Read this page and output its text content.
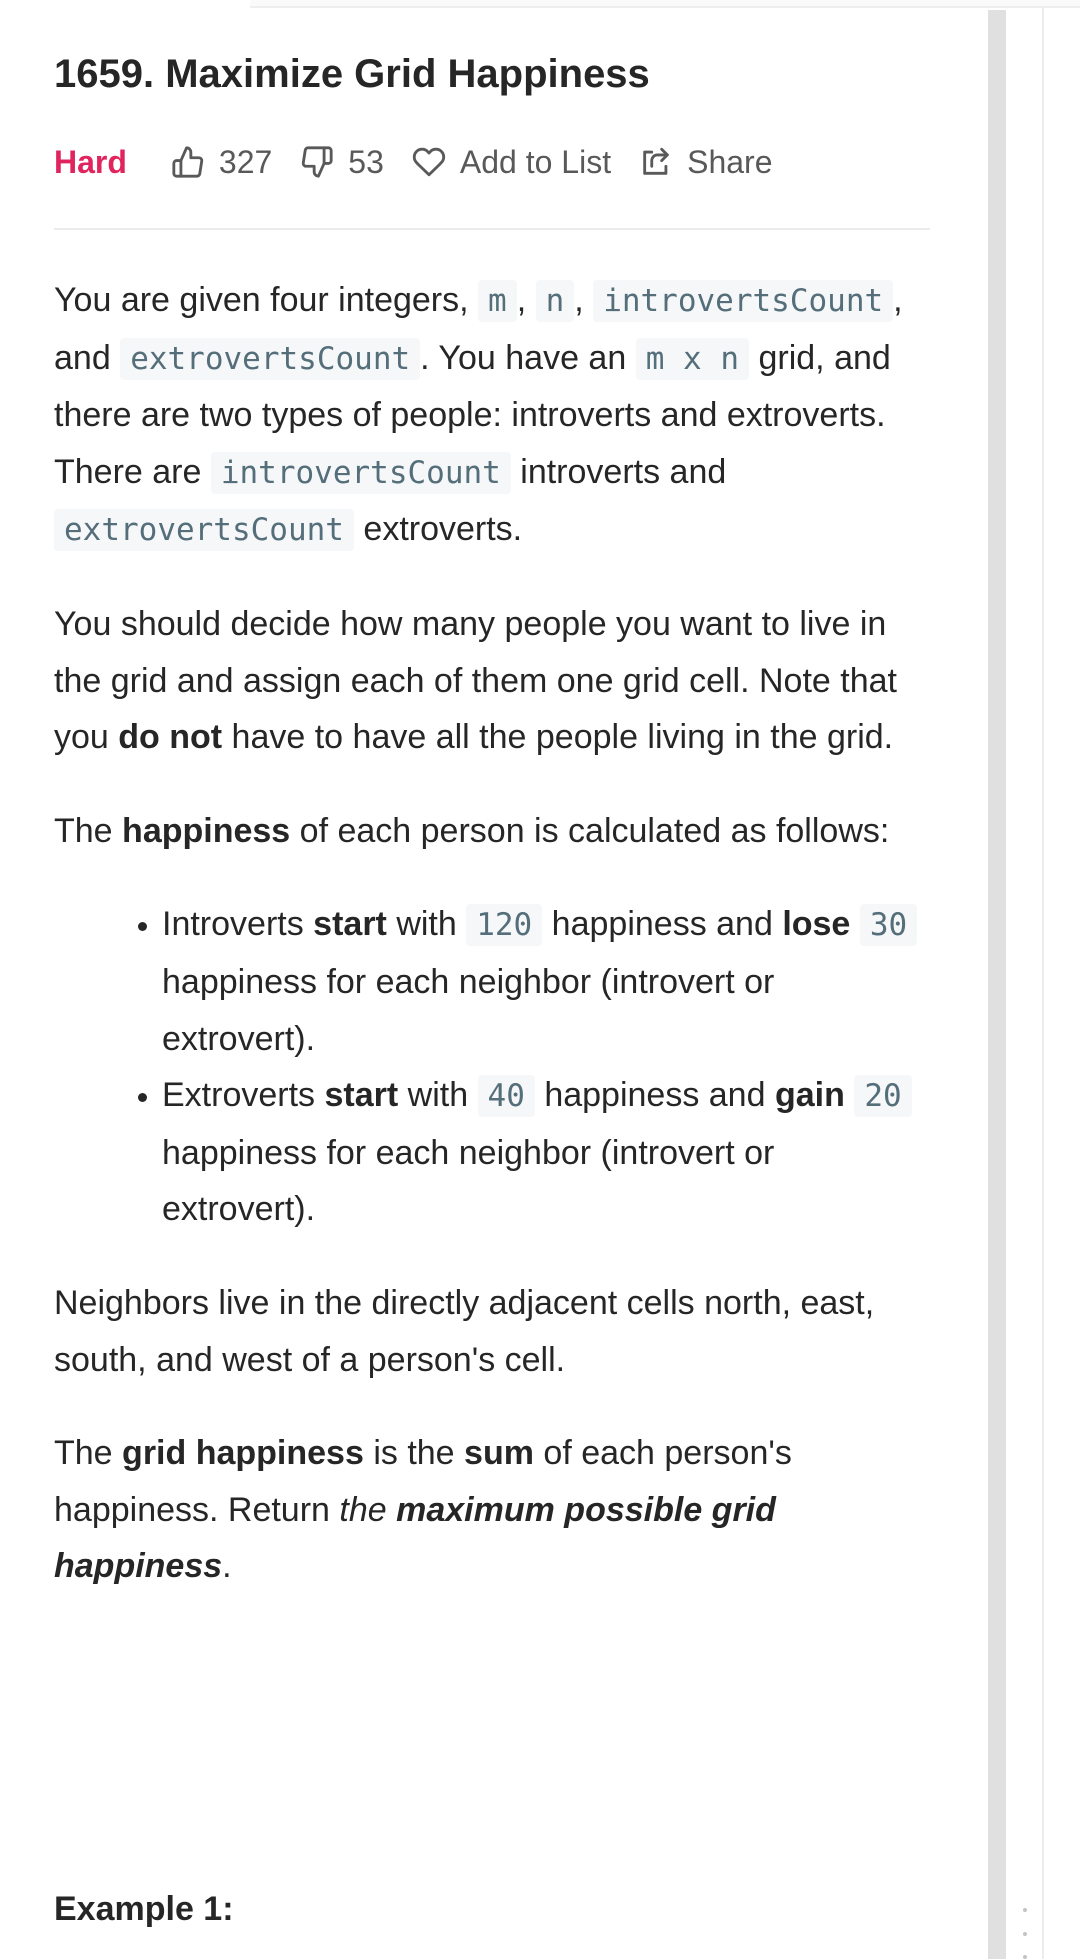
1659. Maximize Grid Happiness
Hard	327 53 Add to List Share

You are given four integers, m , n , introvertsCount , and extrovertsCount . You have an m x n grid, and there are two types of people: introverts and extroverts. There are introvertsCount introverts and extrovertsCount extroverts.

You should decide how many people you want to live in the grid and assign each of them one grid cell. Note that you do not have to have all the people living in the grid.

The happiness of each person is calculated as follows:

• Introverts start with 120 happiness and lose 30 happiness for each neighbor (introvert or extrovert).
• Extroverts start with 40 happiness and gain 20 happiness for each neighbor (introvert or extrovert).

Neighbors live in the directly adjacent cells north, east, south, and west of a person's cell.

The grid happiness is the sum of each person's happiness. Return the maximum possible grid happiness.

Example 1:
